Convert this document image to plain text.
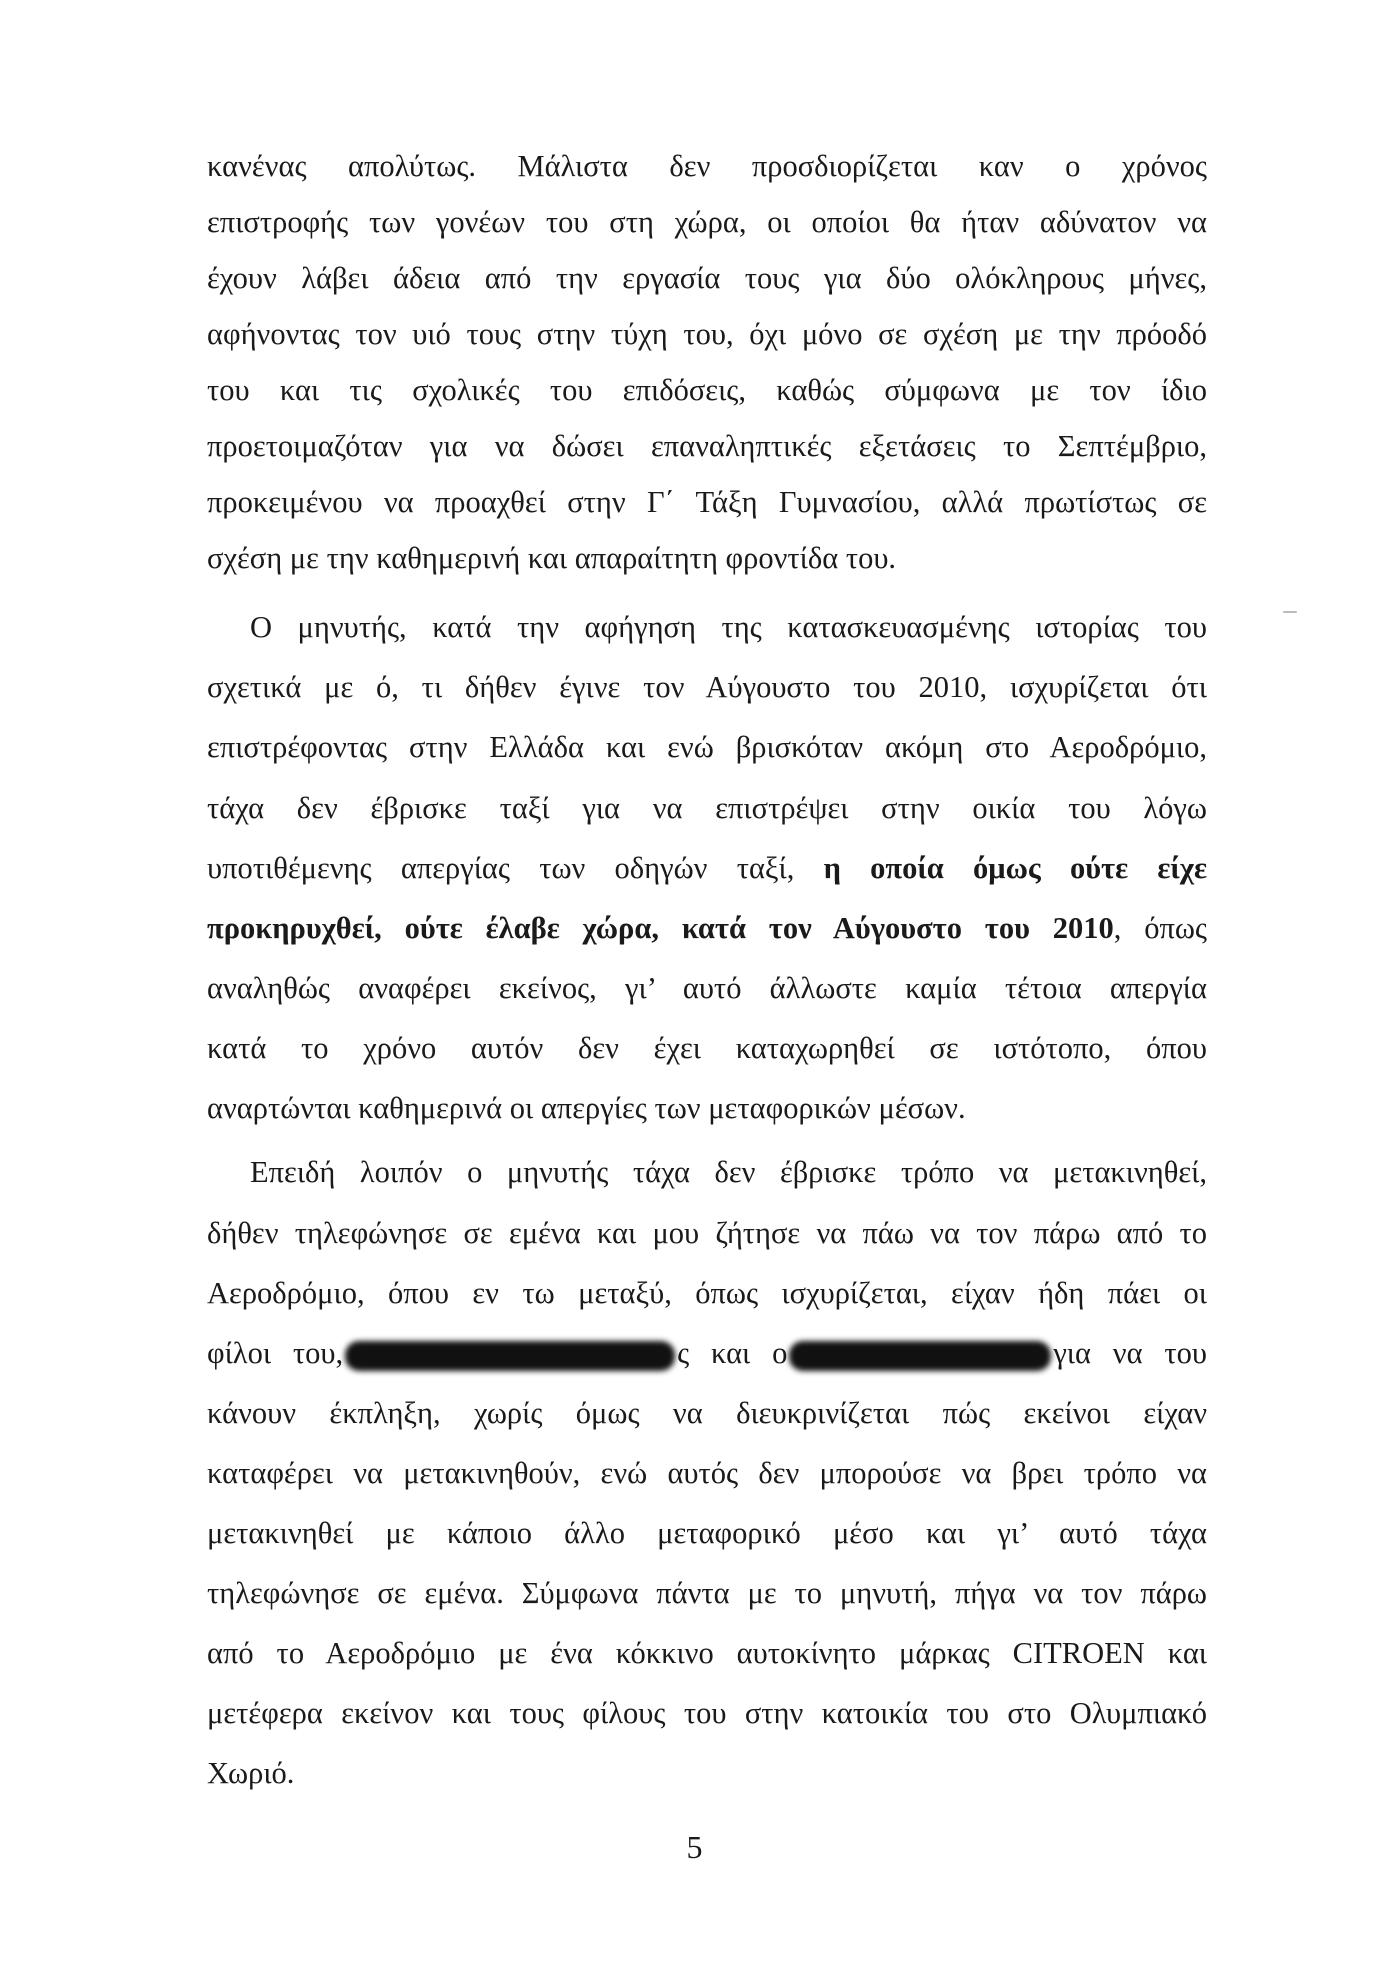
κανένας απολύτως. Μάλιστα δεν προσδιορίζεται καν ο χρόνος
επιστροφής των γονέων του στη χώρα, οι οποίοι θα ήταν αδύνατον να
έχουν λάβει άδεια από την εργασία τους για δύο ολόκληρους μήνες,
αφήνοντας τον υιό τους στην τύχη του, όχι μόνο σε σχέση με την πρόοδό
του και τις σχολικές του επιδόσεις, καθώς σύμφωνα με τον ίδιο
προετοιμαζόταν για να δώσει επαναληπτικές εξετάσεις το Σεπτέμβριο,
προκειμένου να προαχθεί στην Γ΄ Τάξη Γυμνασίου, αλλά πρωτίστως σε
σχέση με την καθημερινή και απαραίτητη φροντίδα του.
Ο μηνυτής, κατά την αφήγηση της κατασκευασμένης ιστορίας του
σχετικά με ό, τι δήθεν έγινε τον Αύγουστο του 2010, ισχυρίζεται ότι
επιστρέφοντας στην Ελλάδα και ενώ βρισκόταν ακόμη στο Αεροδρόμιο,
τάχα δεν έβρισκε ταξί για να επιστρέψει στην οικία του λόγω
υποτιθέμενης απεργίας των οδηγών ταξί, η οποία όμως ούτε είχε
προκηρυχθεί, ούτε έλαβε χώρα, κατά τον Αύγουστο του 2010, όπως
αναληθώς αναφέρει εκείνος, γι’ αυτό άλλωστε καμία τέτοια απεργία
κατά το χρόνο αυτόν δεν έχει καταχωρηθεί σε ιστότοπο, όπου
αναρτώνται καθημερινά οι απεργίες των μεταφορικών μέσων.
Επειδή λοιπόν ο μηνυτής τάχα δεν έβρισκε τρόπο να μετακινηθεί,
δήθεν τηλεφώνησε σε εμένα και μου ζήτησε να πάω να τον πάρω από το
Αεροδρόμιο, όπου εν τω μεταξύ, όπως ισχυρίζεται, είχαν ήδη πάει οι
φίλοι του,	ς και ο	για να του
κάνουν έκπληξη, χωρίς όμως να διευκρινίζεται πώς εκείνοι είχαν
καταφέρει να μετακινηθούν, ενώ αυτός δεν μπορούσε να βρει τρόπο να
μετακινηθεί με κάποιο άλλο μεταφορικό μέσο και γι’ αυτό τάχα
τηλεφώνησε σε εμένα. Σύμφωνα πάντα με το μηνυτή, πήγα να τον πάρω
από το Αεροδρόμιο με ένα κόκκινο αυτοκίνητο μάρκας CITROEN και
μετέφερα εκείνον και τους φίλους του στην κατοικία του στο Ολυμπιακό
Χωριό.
5
